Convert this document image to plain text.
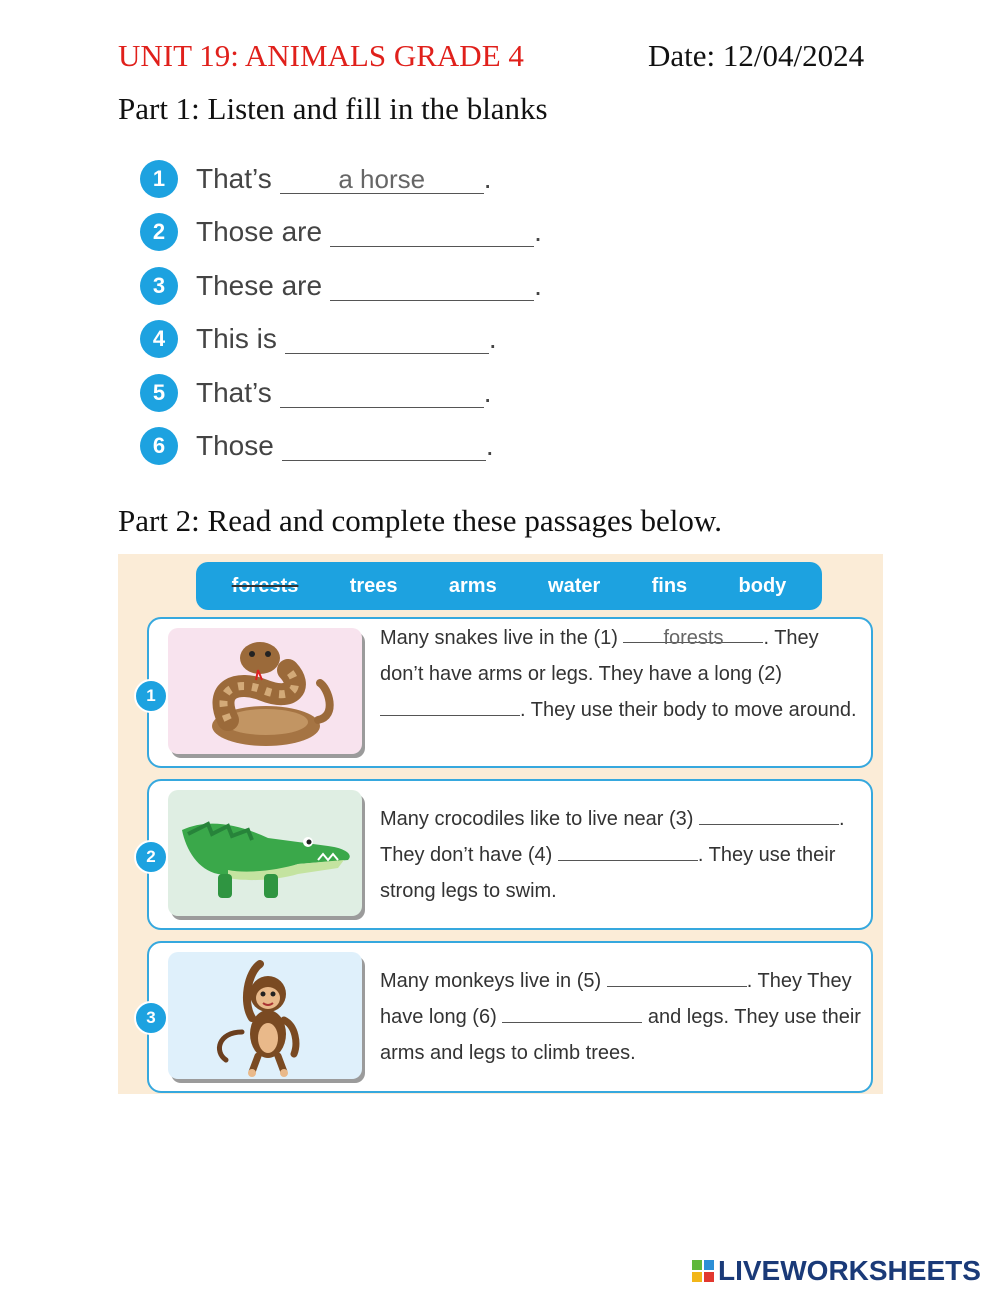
UNIT 19: ANIMALS GRADE 4	Date: 12/04/2024
Part 1: Listen and fill in the blanks
1	That’s	a horse	.
2	Those are	.
3	These are	.
4	This is	.
5	That’s	.
6	Those	.
Part 2: Read and complete these passages below.
forests	trees	arms	water	fins	body
1
Many snakes live in the (1) forests . They don’t have arms or legs. They have a long (2) . They use their body to move around.
2
Many crocodiles like to live near (3)	. They don’t have (4)	. They use their strong legs to swim.
3
Many monkeys live in (5)	. They They have long (6)	and legs. They use their arms and legs to climb trees.
LIVEWORKSHEETS
